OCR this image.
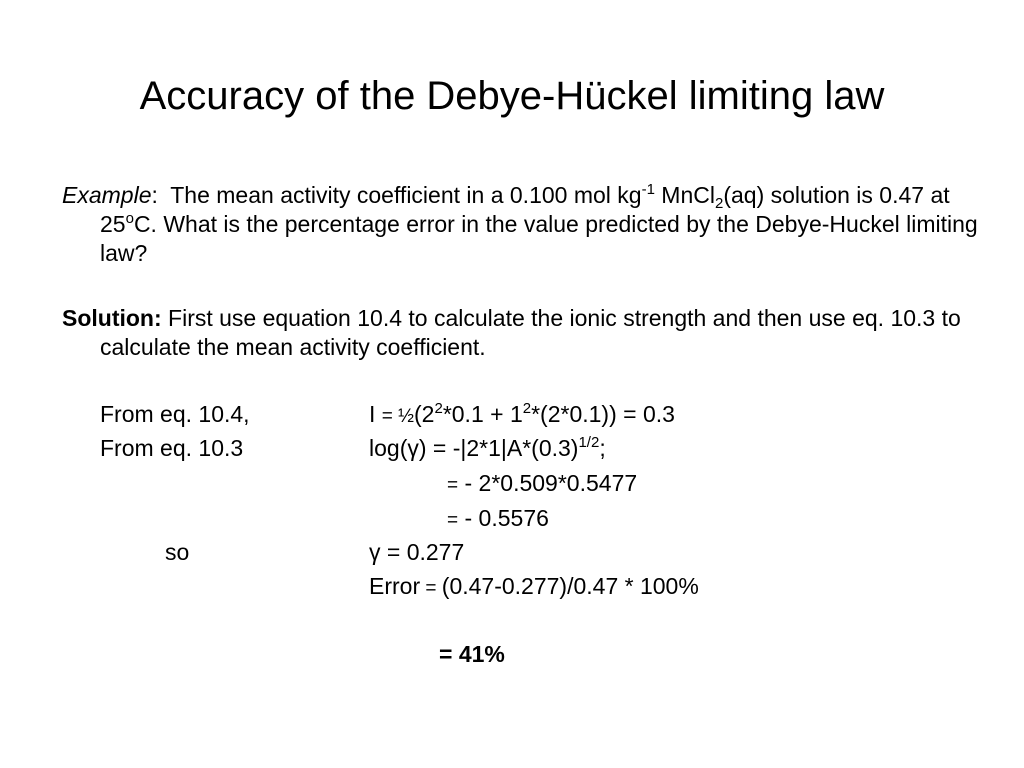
Accuracy of the Debye-Hückel limiting law
Example: The mean activity coefficient in a 0.100 mol $kg^{-1}$ MnCl$_2$(aq) solution is 0.47 at 25$^o$C. What is the percentage error in the value predicted by the Debye-Huckel limiting law?
Solution: First use equation 10.4 to calculate the ionic strength and then use eq. 10.3 to calculate the mean activity coefficient.
From eq. 10.4,	$I = \frac{1}{2}(2^2*0.1 + 1^2*(2*0.1)) = 0.3$
From eq. 10.3	$\log(\gamma) = -|2*1|A*(0.3)^{1/2}$;
= - 2*0.509*0.5477
= - 0.5576
so	γ = 0.277
Error = (0.47-0.277)/0.47 * 100%
= 41%
